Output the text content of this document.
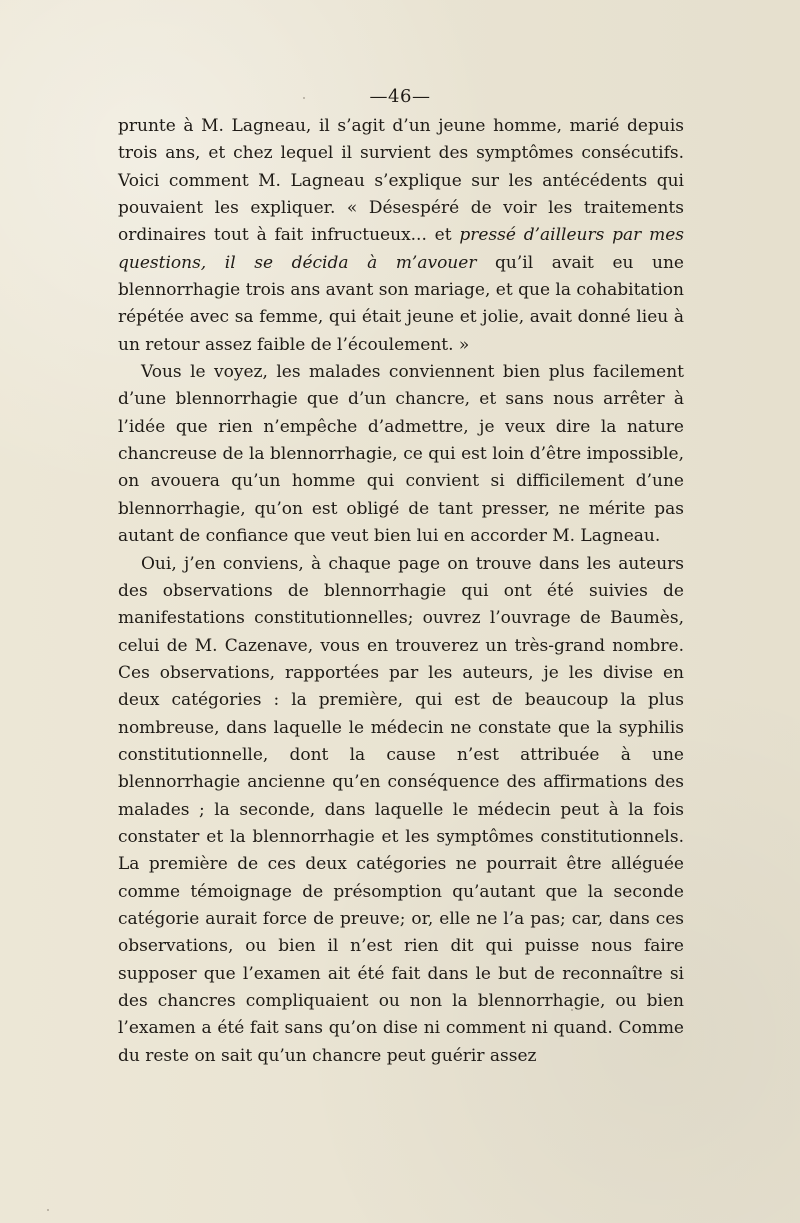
—46—

prunte à M. Lagneau, il s’agit d’un jeune homme, marié depuis trois ans, et chez lequel il survient des symptômes consécutifs. Voici comment M. Lagneau s’explique sur les antécédents qui pouvaient les expliquer. « Désespéré de voir les traitements ordinaires tout à fait infructueux... et pressé d’ailleurs par mes questions, il se décida à m’avouer qu’il avait eu une blennorrhagie trois ans avant son mariage, et que la cohabitation répétée avec sa femme, qui était jeune et jolie, avait donné lieu à un retour assez faible de l’écoulement. »

Vous le voyez, les malades conviennent bien plus facilement d’une blennorrhagie que d’un chancre, et sans nous arrêter à l’idée que rien n’empêche d’admettre, je veux dire la nature chancreuse de la blennorrhagie, ce qui est loin d’être impossible, on avouera qu’un homme qui convient si difficilement d’une blennorrhagie, qu’on est obligé de tant presser, ne mérite pas autant de confiance que veut bien lui en accorder M. Lagneau.

Oui, j’en conviens, à chaque page on trouve dans les auteurs des observations de blennorrhagie qui ont été suivies de manifestations constitutionnelles; ouvrez l’ouvrage de Baumès, celui de M. Cazenave, vous en trouverez un très-grand nombre. Ces observations, rapportées par les auteurs, je les divise en deux catégories : la première, qui est de beaucoup la plus nombreuse, dans laquelle le médecin ne constate que la syphilis constitutionnelle, dont la cause n’est attribuée à une blennorrhagie ancienne qu’en conséquence des affirmations des malades ; la seconde, dans laquelle le médecin peut à la fois constater et la blennorrhagie et les symptômes constitutionnels. La première de ces deux catégories ne pourrait être alléguée comme témoignage de présomption qu’autant que la seconde catégorie aurait force de preuve; or, elle ne l’a pas; car, dans ces observations, ou bien il n’est rien dit qui puisse nous faire supposer que l’examen ait été fait dans le but de reconnaître si des chancres compliquaient ou non la blennorrhagie, ou bien l’examen a été fait sans qu’on dise ni comment ni quand. Comme du reste on sait qu’un chancre peut guérir assez
